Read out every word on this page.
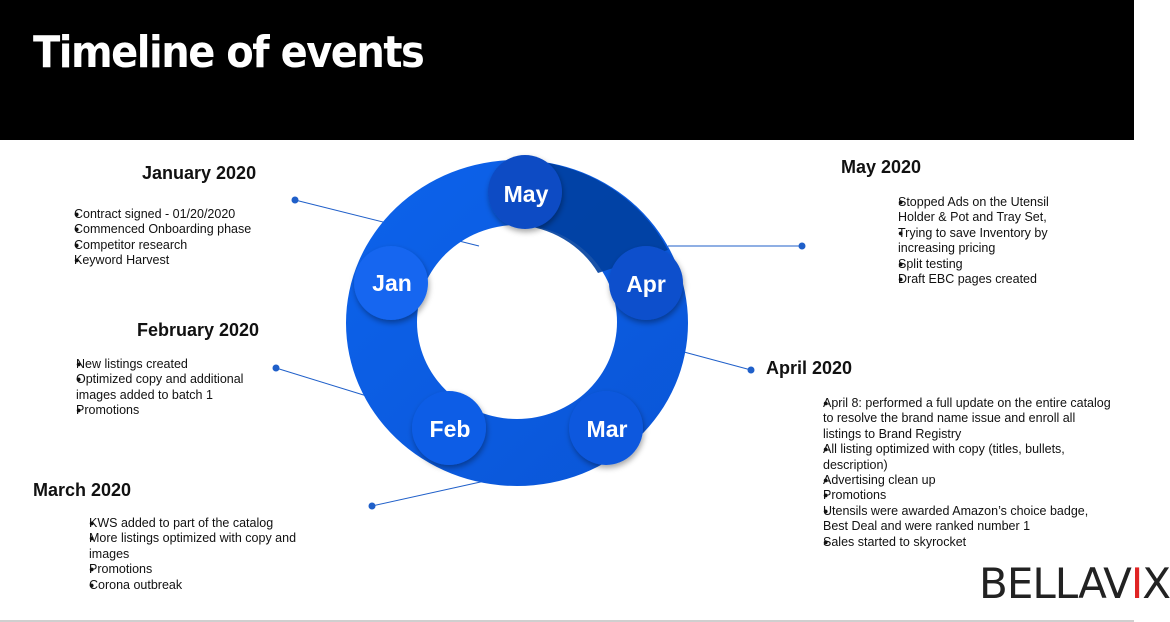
Timeline of events
Jan
Feb	Mar
Apr
May
January 2020
● Contract signed - 01/20/2020
● Commenced Onboarding phase
● Competitor research
● Keyword Harvest
February 2020
● New listings created
● Optimized copy and additional images added to batch 1
● Promotions
March 2020
● KWS added to part of the catalog
● More listings optimized with copy and images
● Promotions
● Corona outbreak
May 2020
● Stopped Ads on the Utensil Holder & Pot and Tray Set,
● Trying to save Inventory by increasing pricing
● Split testing
● Draft EBC pages created
April 2020
● April 8: performed a full update on the entire catalog to resolve the brand name issue and enroll all listings to Brand Registry
● All listing optimized with copy (titles, bullets, description)
● Advertising clean up
● Promotions
● Utensils were awarded Amazon’s choice badge, Best Deal and were ranked number 1
● Sales started to skyrocket
BELLAVIX
